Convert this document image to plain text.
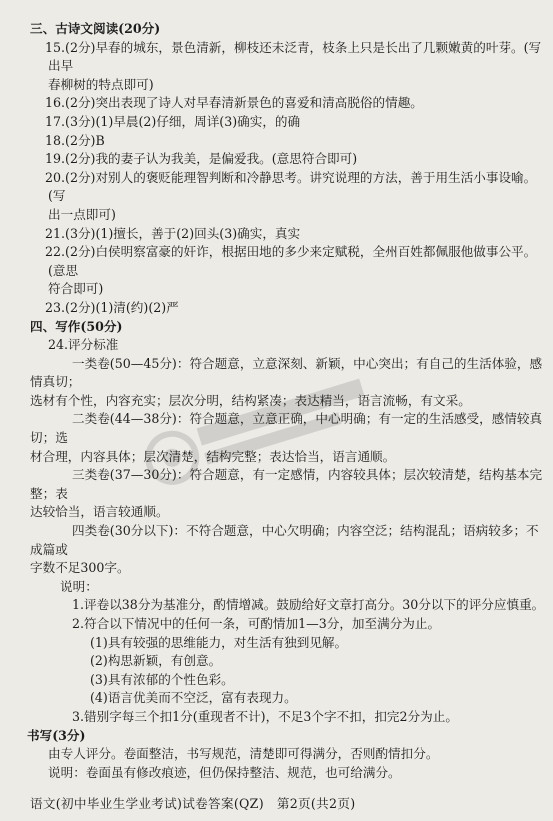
三、古诗文阅读(20分)

15.(2分)早春的城东，景色清新，柳枝还未泛青，枝条上只是长出了几颗嫩黄的叶芽。(写出早
春柳树的特点即可)

16.(2分)突出表现了诗人对早春清新景色的喜爱和清高脱俗的情趣。

17.(3分)(1)早晨(2)仔细，周详(3)确实，的确

18.(2分)B

19.(2分)我的妻子认为我美，是偏爱我。(意思符合即可)

20.(2分)对别人的褒贬能理智判断和冷静思考。讲究说理的方法，善于用生活小事设喻。(写
出一点即可)

21.(3分)(1)擅长，善于(2)回头(3)确实，真实

22.(2分)白侯明察富豪的奸诈，根据田地的多少来定赋税，全州百姓都佩服他做事公平。(意思
符合即可)

23.(2分)(1)清(约)(2)严

四、写作(50分)

24.评分标准

一类卷(50—45分)：符合题意，立意深刻、新颖，中心突出；有自己的生活体验，感情真切；
选材有个性，内容充实；层次分明，结构紧凑；表达精当，语言流畅，有文采。

二类卷(44—38分)：符合题意，立意正确，中心明确；有一定的生活感受，感情较真切；选
材合理，内容具体；层次清楚，结构完整；表达恰当，语言通顺。

三类卷(37—30分)：符合题意，有一定感情，内容较具体；层次较清楚，结构基本完整；表
达较恰当，语言较通顺。

四类卷(30分以下)：不符合题意，中心欠明确；内容空泛；结构混乱；语病较多；不成篇或
字数不足300字。

说明：

1.评卷以38分为基准分，酌情增减。鼓励给好文章打高分。30分以下的评分应慎重。

2.符合以下情况中的任何一条，可酌情加1—3分，加至满分为止。

(1)具有较强的思维能力，对生活有独到见解。

(2)构思新颖，有创意。

(3)具有浓郁的个性色彩。

(4)语言优美而不空泛，富有表现力。

3.错别字每三个扣1分(重现者不计)，不足3个字不扣，扣完2分为止。

书写(3分)

由专人评分。卷面整洁，书写规范，清楚即可得满分，否则酌情扣分。

说明：卷面虽有修改痕迹，但仍保持整洁、规范，也可给满分。

语文(初中毕业生学业考试)试卷答案(QZ)　第2页(共2页)
